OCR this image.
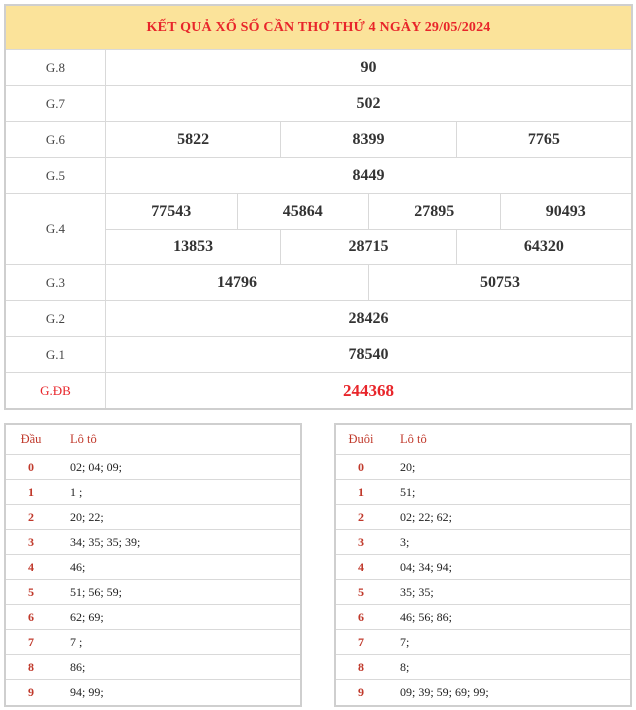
KẾT QUẢ XỔ SỐ CẦN THƠ THỨ 4 NGÀY 29/05/2024
G.8	90
G.7	502
G.6	5822	8399	7765
G.5	8449
G.4
77543	45864	27895	90493
13853	28715	64320
G.3	14796	50753
G.2	28426
G.1	78540
G.ĐB	244368
Đầu	Lô tô
0	02; 04; 09;
1	1 ;
2	20; 22;
3	34; 35; 35; 39;
4	46;
5	51; 56; 59;
6	62; 69;
7	7 ;
8	86;
9	94; 99;
Đuôi	Lô tô
0	20;
1	51;
2	02; 22; 62;
3	3;
4	04; 34; 94;
5	35; 35;
6	46; 56; 86;
7	7;
8	8;
9	09; 39; 59; 69; 99;
